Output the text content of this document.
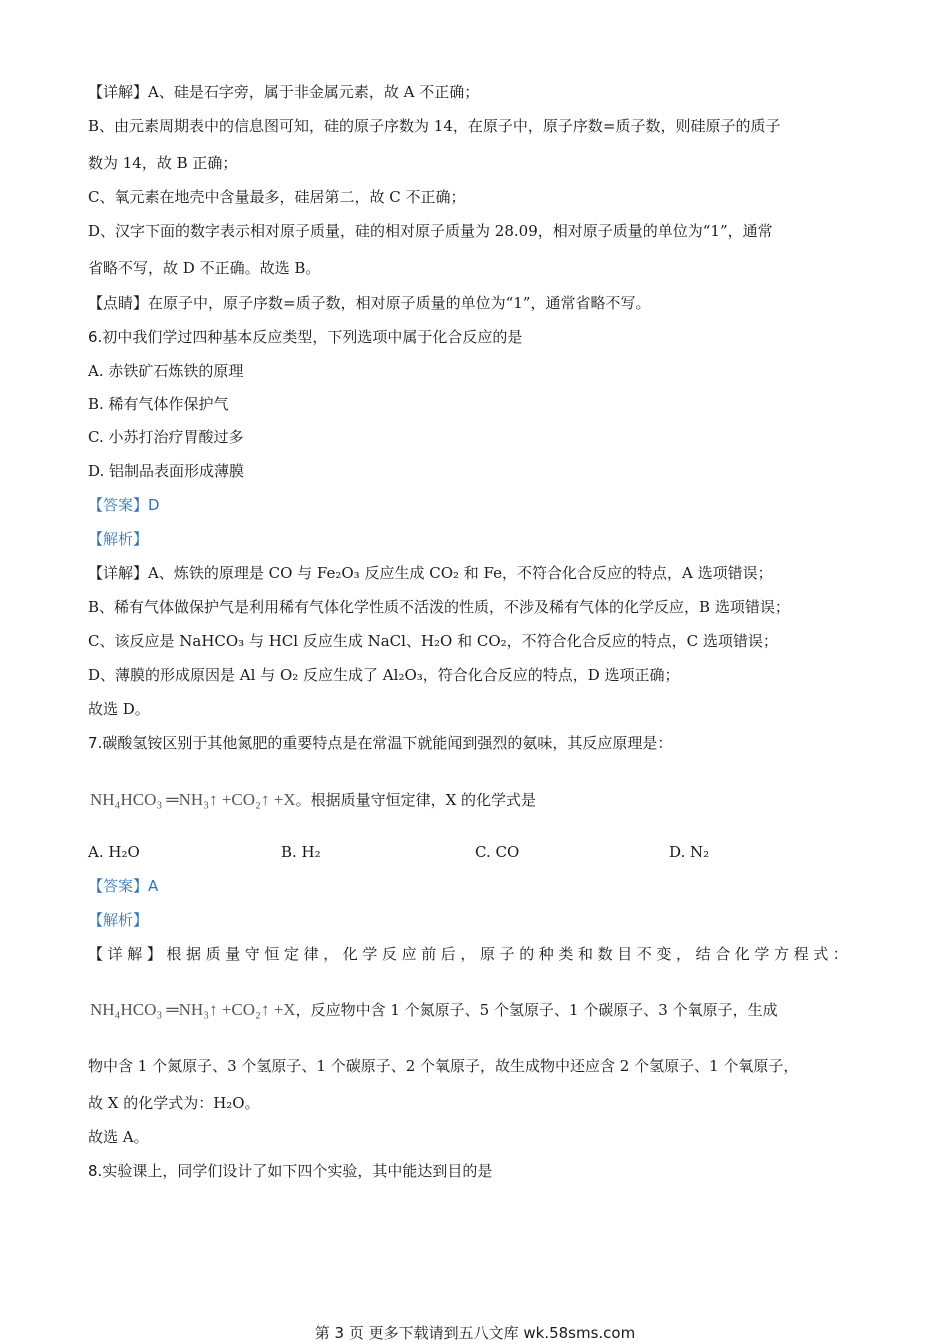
【详解】A、硅是石字旁，属于非金属元素，故 A 不正确；
B、由元素周期表中的信息图可知，硅的原子序数为 14，在原子中，原子序数=质子数，则硅原子的质子
数为 14，故 B 正确；
C、氧元素在地壳中含量最多，硅居第二，故 C 不正确；
D、汉字下面的数字表示相对原子质量，硅的相对原子质量为 28.09，相对原子质量的单位为“1”，通常
省略不写，故 D 不正确。故选 B。
【点睛】在原子中，原子序数=质子数，相对原子质量的单位为“1”，通常省略不写。
6.初中我们学过四种基本反应类型，下列选项中属于化合反应的是
A. 赤铁矿石炼铁的原理
B. 稀有气体作保护气
C. 小苏打治疗胃酸过多
D. 铝制品表面形成薄膜
【答案】D
【解析】
【详解】A、炼铁的原理是 CO 与 Fe₂O₃ 反应生成 CO₂ 和 Fe，不符合化合反应的特点，A 选项错误；
B、稀有气体做保护气是利用稀有气体化学性质不活泼的性质，不涉及稀有气体的化学反应，B 选项错误；
C、该反应是 NaHCO₃ 与 HCl 反应生成 NaCl、H₂O 和 CO₂，不符合化合反应的特点，C 选项错误；
D、薄膜的形成原因是 Al 与 O₂ 反应生成了 Al₂O₃，符合化合反应的特点，D 选项正确；
故选 D。
7.碳酸氢铵区别于其他氮肥的重要特点是在常温下就能闻到强烈的氨味，其反应原理是：
NH₄HCO₃ ═NH₃↑ +CO₂↑ +X。根据质量守恒定律，X 的化学式是
A. H₂O	B. H₂	C. CO	D. N₂
【答案】A
【解析】
【详解】根据质量守恒定律，化学反应前后，原子的种类和数目不变，结合化学方程式：
NH₄HCO₃ ═NH₃↑ +CO₂↑ +X，反应物中含 1 个氮原子、5 个氢原子、1 个碳原子、3 个氧原子，生成
物中含 1 个氮原子、3 个氢原子、1 个碳原子、2 个氧原子，故生成物中还应含 2 个氢原子、1 个氧原子，
故 X 的化学式为：H₂O。
故选 A。
8.实验课上，同学们设计了如下四个实验，其中能达到目的是
第 3 页 更多下载请到五八文库 wk.58sms.com
